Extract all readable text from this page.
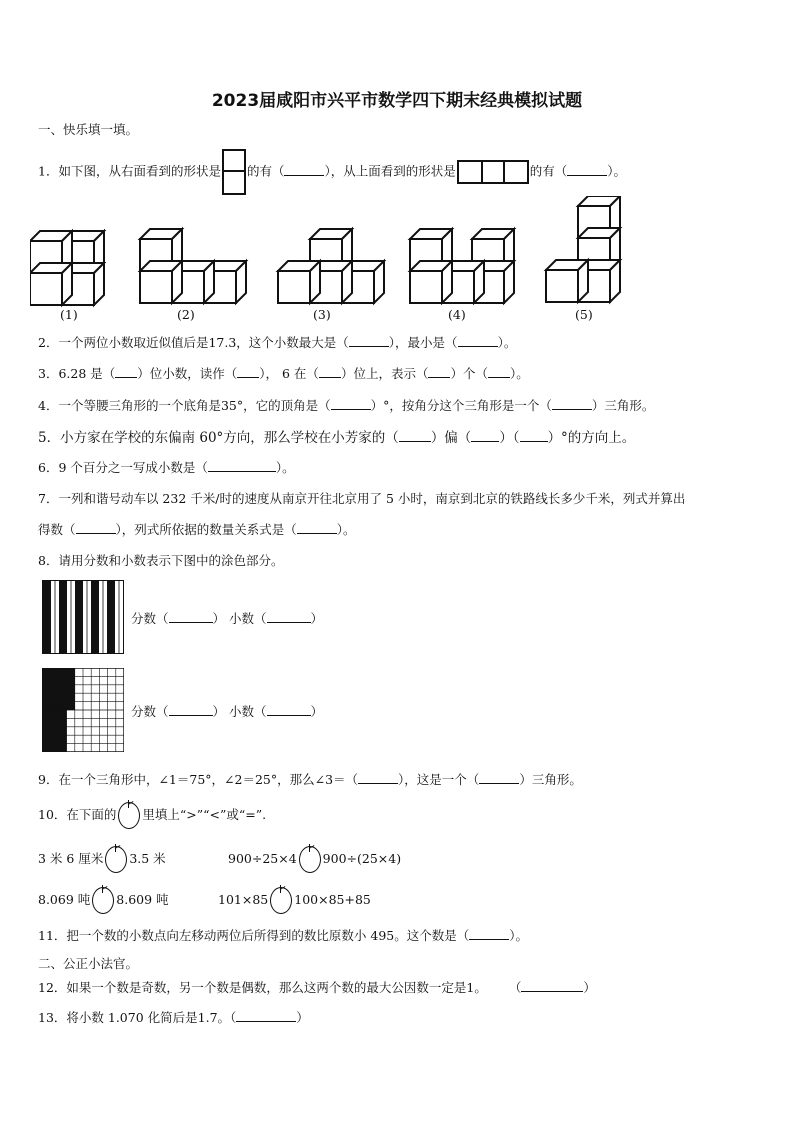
2023届咸阳市兴平市数学四下期末经典模拟试题
一、快乐填一填。
1．如下图，从右面看到的形状是 的有（	），从上面看到的形状是	的有（	）。
(1)	(2)	(3)	(4)	(5)
2．一个两位小数取近似值后是17.3，这个小数最大是（	），最小是（	）。
3．6.28 是（ ）位小数，读作（ ）， 6 在（ ）位上，表示（ ）个（ ）。
4．一个等腰三角形的一个底角是35°，它的顶角是（	）°，按角分这个三角形是一个（	）三角形。
5．小方家在学校的东偏南 60°方向，那么学校在小芳家的（ ）偏（ ）（ ）°的方向上。
6．9 个百分之一写成小数是（	）。
7．一列和谐号动车以 232 千米/时的速度从南京开往北京用了 5 小时，南京到北京的铁路线长多少千米，列式并算出
得数（	），列式所依据的数量关系式是（	）。
8．请用分数和小数表示下图中的涂色部分。
分数（	） 小数（	）
分数（	） 小数（	）
9．在一个三角形中，∠1＝75°，∠2＝25°，那么∠3＝（	），这是一个（	）三角形。
10．在下面的 里填上“>”“<”或“=”.
3 米 6 厘米 3.5 米	900÷25×4 900÷(25×4)
8.069 吨 8.609 吨	101×85 100×85+85
11．把一个数的小数点向左移动两位后所得到的数比原数小 495。这个数是（	）。
二、公正小法官。
12．如果一个数是奇数，另一个数是偶数，那么这两个数的最大公因数一定是1。 （	）
13．将小数 1.070 化简后是1.7。（	）
